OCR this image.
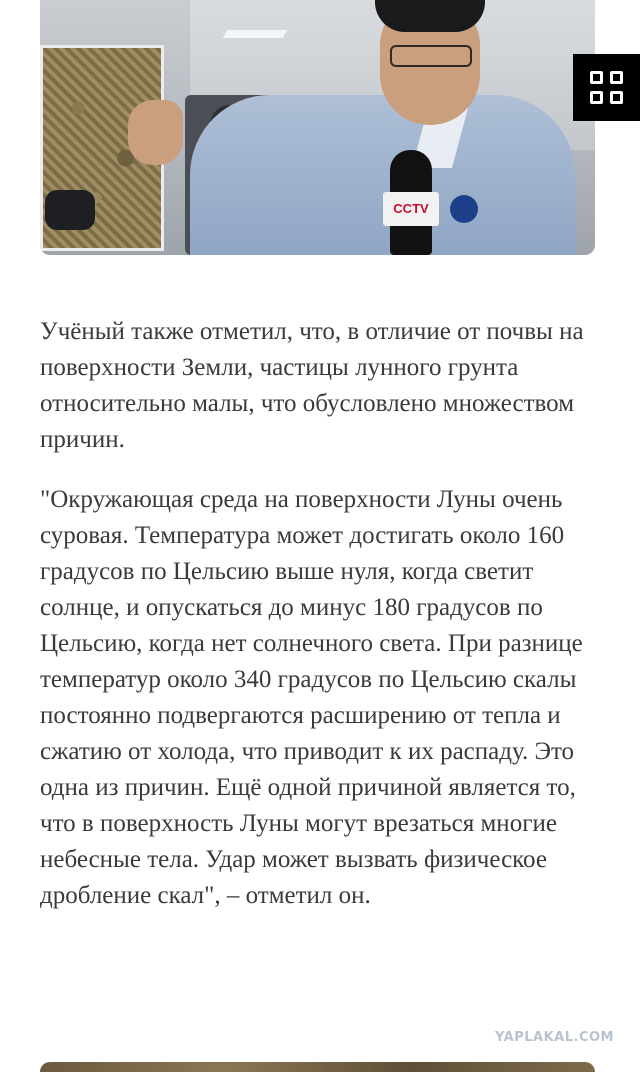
CCTV

Учёный также отметил, что, в отличие от почвы на поверхности Земли, частицы лунного грунта относительно малы, что обусловлено множеством причин.

"Окружающая среда на поверхности Луны очень суровая. Температура может достигать около 160 градусов по Цельсию выше нуля, когда светит солнце, и опускаться до минус 180 градусов по Цельсию, когда нет солнечного света. При разнице температур около 340 градусов по Цельсию скалы постоянно подвергаются расширению от тепла и сжатию от холода, что приводит к их распаду. Это одна из причин. Ещё одной причиной является то, что в поверхность Луны могут врезаться многие небесные тела. Удар может вызвать физическое дробление скал", – отметил он.

YAPLAKAL.COM
